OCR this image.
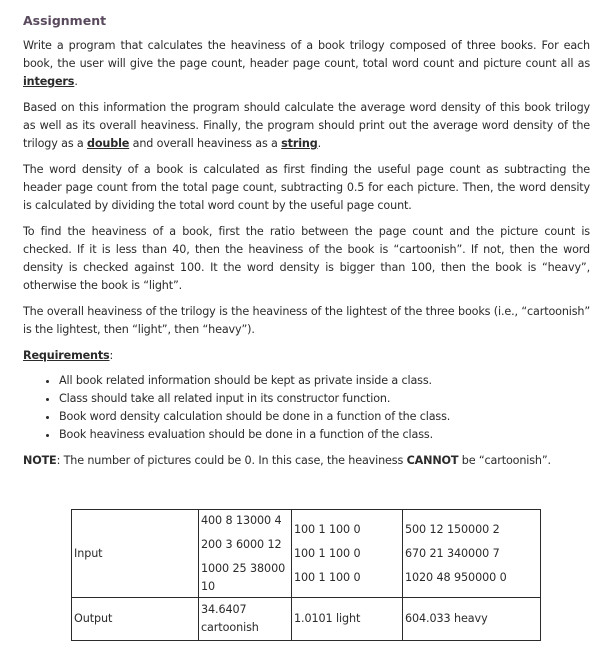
Assignment

Write a program that calculates the heaviness of a book trilogy composed of three books. For each book, the user will give the page count, header page count, total word count and picture count all as integers.

Based on this information the program should calculate the average word density of this book trilogy as well as its overall heaviness. Finally, the program should print out the average word density of the trilogy as a double and overall heaviness as a string.

The word density of a book is calculated as first finding the useful page count as subtracting the header page count from the total page count, subtracting 0.5 for each picture. Then, the word density is calculated by dividing the total word count by the useful page count.

To find the heaviness of a book, first the ratio between the page count and the picture count is checked. If it is less than 40, then the heaviness of the book is “cartoonish”. If not, then the word density is checked against 100. It the word density is bigger than 100, then the book is “heavy”, otherwise the book is “light”.

The overall heaviness of the trilogy is the heaviness of the lightest of the three books (i.e., “cartoonish” is the lightest, then “light”, then “heavy”).

Requirements:
• All book related information should be kept as private inside a class.
• Class should take all related input in its constructor function.
• Book word density calculation should be done in a function of the class.
• Book heaviness evaluation should be done in a function of the class.

NOTE: The number of pictures could be 0. In this case, the heaviness CANNOT be “cartoonish”.

Input	400 8 13000 4
200 3 6000 12
1000 25 38000
10	100 1 100 0
100 1 100 0
100 1 100 0	500 12 150000 2
670 21 340000 7
1020 48 950000 0

Output	34.6407
cartoonish	1.0101 light	604.033 heavy
